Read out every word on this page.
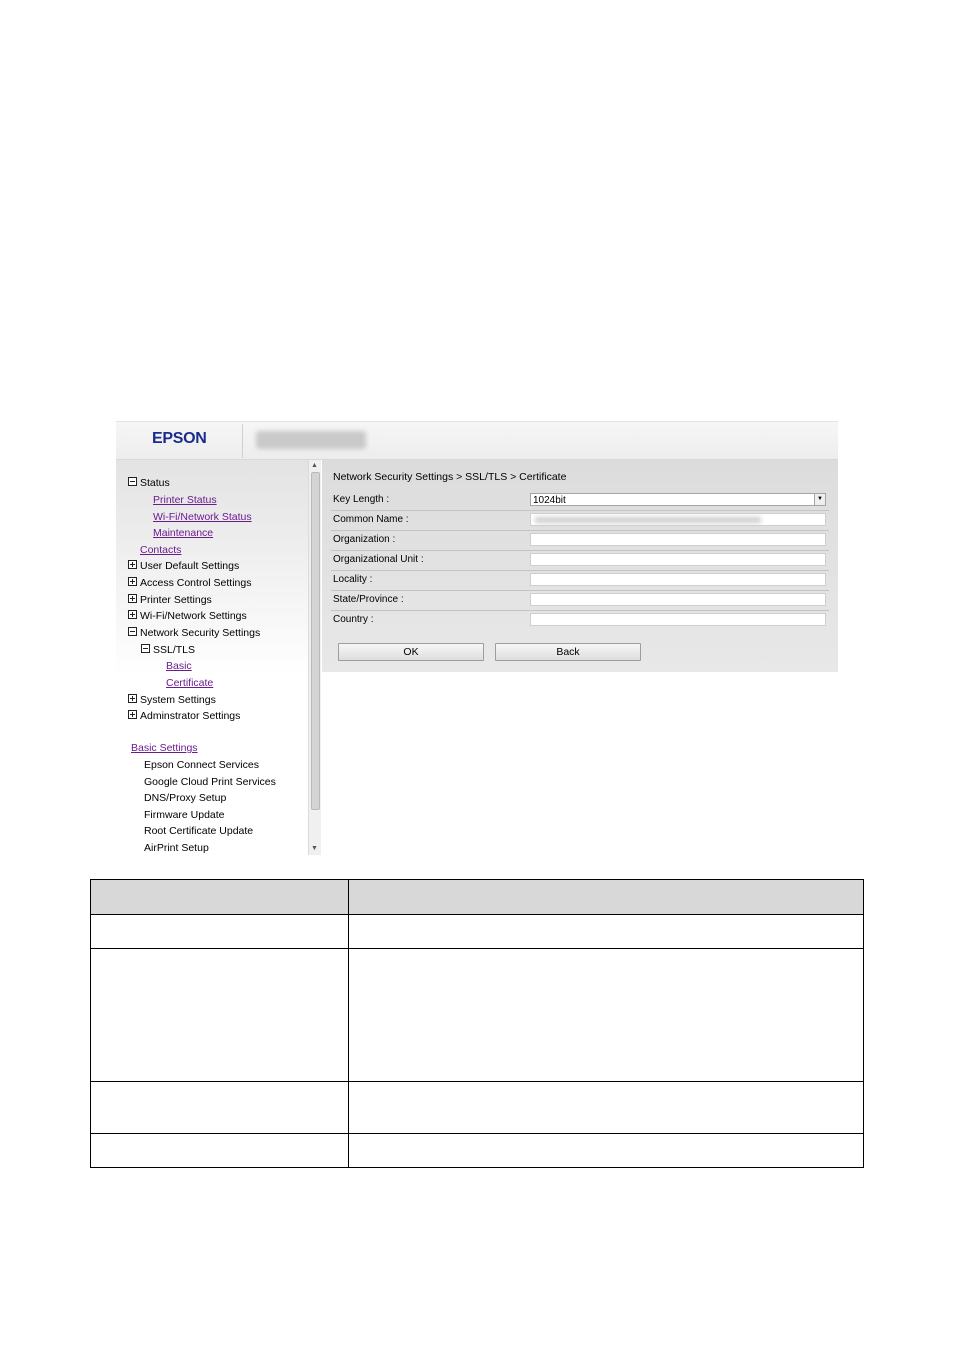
EPSON
Status
Printer Status
Wi-Fi/Network Status
Maintenance
Contacts
User Default Settings
Access Control Settings
Printer Settings
Wi-Fi/Network Settings
Network Security Settings
SSL/TLS
Basic
Certificate
System Settings
Adminstrator Settings
Basic Settings
Epson Connect Services
Google Cloud Print Services
DNS/Proxy Setup
Firmware Update
Root Certificate Update
AirPrint Setup
▲
▼
Network Security Settings > SSL/TLS > Certificate
Key Length :	1024bit	▼
Common Name :
Organization :
Organizational Unit :
Locality :
State/Province :
Country :
OK	Back
